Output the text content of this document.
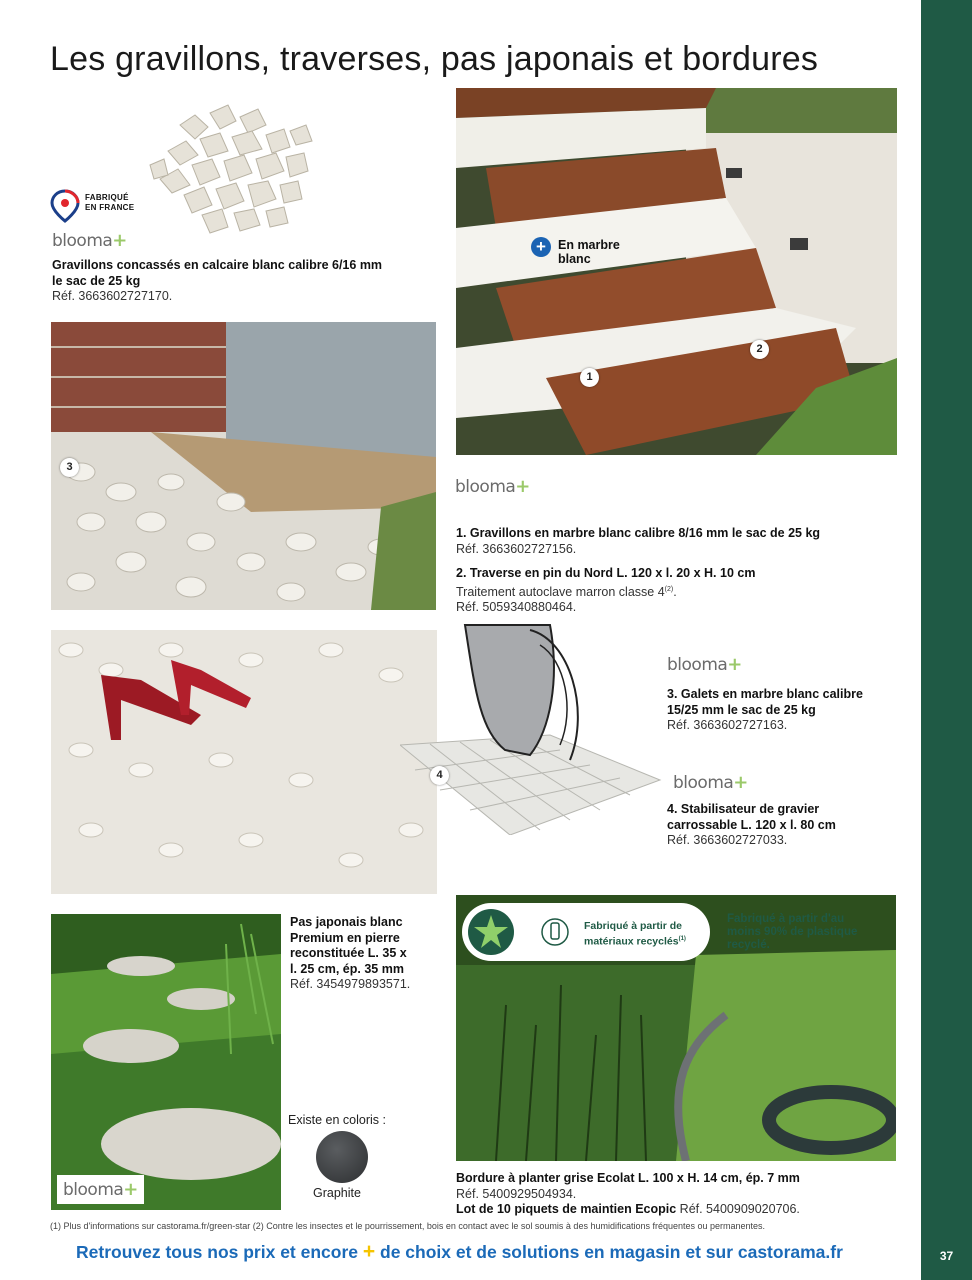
37
Les gravillons, traverses, pas japonais et bordures
FABRIQUÉ
EN FRANCE
blooma+
Gravillons concassés en calcaire blanc calibre 6/16 mm
le sac de 25 kg
Réf. 3663602727170.
+ En marbre
blanc
1
2
blooma+
1. Gravillons en marbre blanc calibre 8/16 mm le sac de 25 kg
Réf. 3663602727156.
2. Traverse en pin du Nord L. 120 x l. 20 x H. 10 cm
Traitement autoclave marron classe 4$^{(2)}$.
Réf. 5059340880464.
3
4
blooma+
3. Galets en marbre blanc calibre
15/25 mm le sac de 25 kg
Réf. 3663602727163.
blooma+
4. Stabilisateur de gravier
carrossable L. 120 x l. 80 cm
Réf. 3663602727033.
blooma+
Pas japonais blanc
Premium en pierre
reconstituée L. 35 x
l. 25 cm, ép. 35 mm
Réf. 3454979893571.
Existe en coloris :
Graphite
Fabriqué à partir de
matériaux recyclés$^{(1)}$
Fabriqué à partir d'au
moins 90% de plastique
recyclé.
Bordure à planter grise Ecolat L. 100 x H. 14 cm, ép. 7 mm
Réf. 5400929504934.
Lot de 10 piquets de maintien Ecopic Réf. 5400909020706.
(1) Plus d'informations sur castorama.fr/green-star (2) Contre les insectes et le pourrissement, bois en contact avec le sol soumis à des humidifications fréquentes ou permanentes.
Retrouvez tous nos prix et encore + de choix et de solutions en magasin et sur castorama.fr
